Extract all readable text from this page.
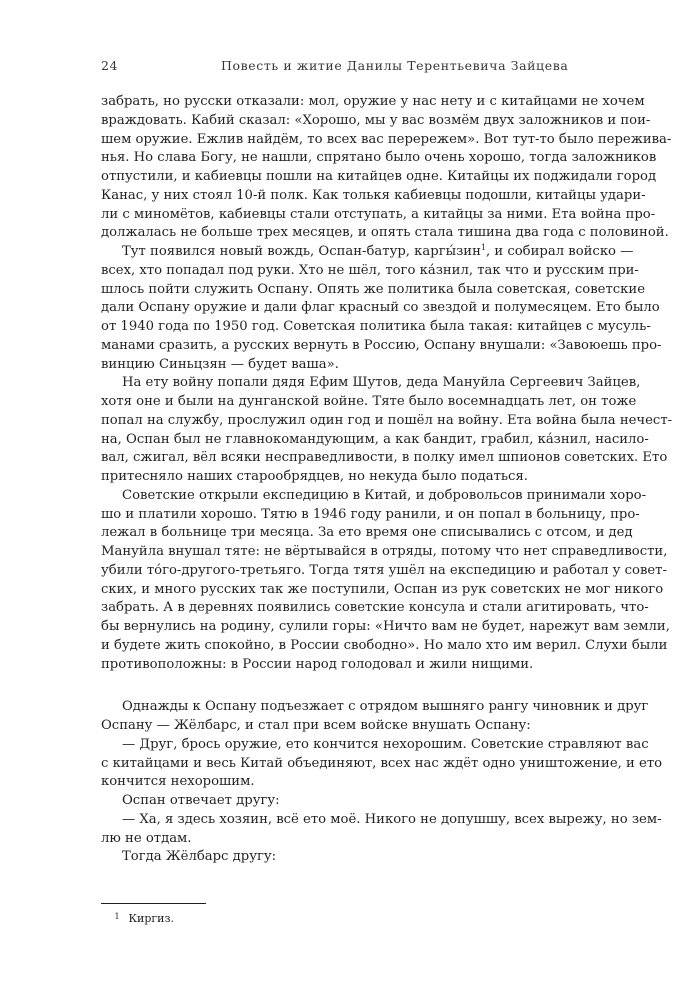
24	Повесть и житие Данилы Терентьевича Зайцева
забрать, но русски отказали: мол, оружие у нас нету и с китайцами не хочем
враждовать. Кабий сказал: «Хорошо, мы у вас возмём двух заложников и пои-
шем оружие. Ежлив найдём, то всех вас перережем». Вот тут-то было пережива-
нья. Но слава Богу, не нашли, спрятано было очень хорошо, тогда заложников
отпустили, и кабиевцы пошли на китайцев одне. Китайцы их поджидали город
Канас, у них стоял 10-й полк. Как толькя кабиевцы подошли, китайцы удари-
ли с миномётов, кабиевцы стали отступать, а китайцы за ними. Ета война про-
должалась не больше трех месяцев, и опять стала тишина два года с половиной.
Тут появился новый вождь, Оспан-батур, каргы́зин$^1$, и собирал войско —
всех, хто попадал под руки. Хто не шёл, того ка́знил, так что и русским при-
шлось пойти служить Оспану. Опять же политика была советская, советские
дали Оспану оружие и дали флаг красный со звездой и полумесяцем. Ето было
от 1940 года по 1950 год. Советская политика была такая: китайцев с мусуль-
манами сразить, а русских вернуть в Россию, Оспану внушали: «Завоюешь про-
винцию Синьцзян — будет ваша».
На ету войну попали дядя Ефим Шутов, деда Мануйла Сергеевич Зайцев,
хотя оне и были на дунганской войне. Тяте было восемнадцать лет, он тоже
попал на службу, прослужил один год и пошёл на войну. Ета война была нечест-
на, Оспан был не главнокомандующим, а как бандит, грабил, ка́знил, насило-
вал, сжигал, вёл всяки несправедливости, в полку имел шпионов советских. Ето
притесняло наших старообрядцев, но некуда было податься.
Советские открыли експедицию в Китай, и добровольсов принимали хоро-
шо и платили хорошо. Тятю в 1946 году ранили, и он попал в больницу, про-
лежал в больнице три месяца. За ето время оне списывались с отсом, и дед
Мануйла внушал тяте: не вёртывайся в отряды, потому что нет справедливости,
убили то́го-другого-третьяго. Тогда тятя ушёл на експедицию и работал у совет-
ских, и много русских так же поступили, Оспан из рук советских не мог никого
забрать. А в деревнях появились советские консула и стали агитировать, что-
бы вернулись на родину, сулили горы: «Ничто вам не будет, нарежут вам земли,
и будете жить спокойно, в России свободно». Но мало хто им верил. Слухи были
противоположны: в России народ голодовал и жили нищими.
Однажды к Оспану подъезжает с отрядом вышняго рангу чиновник и друг
Оспану — Жёлбарс, и стал при всем войске внушать Оспану:
— Друг, брось оружие, ето кончится нехорошим. Советские стравляют вас
с китайцами и весь Китай объединяют, всех нас ждёт одно уништожение, и ето
кончится нехорошим.
Оспан отвечает другу:
— Ха, я здесь хозяин, всё ето моё. Никого не допушшу, всех вырежу, но зем-
лю не отдам.
Тогда Жёлбарс другу:
1 Киргиз.
